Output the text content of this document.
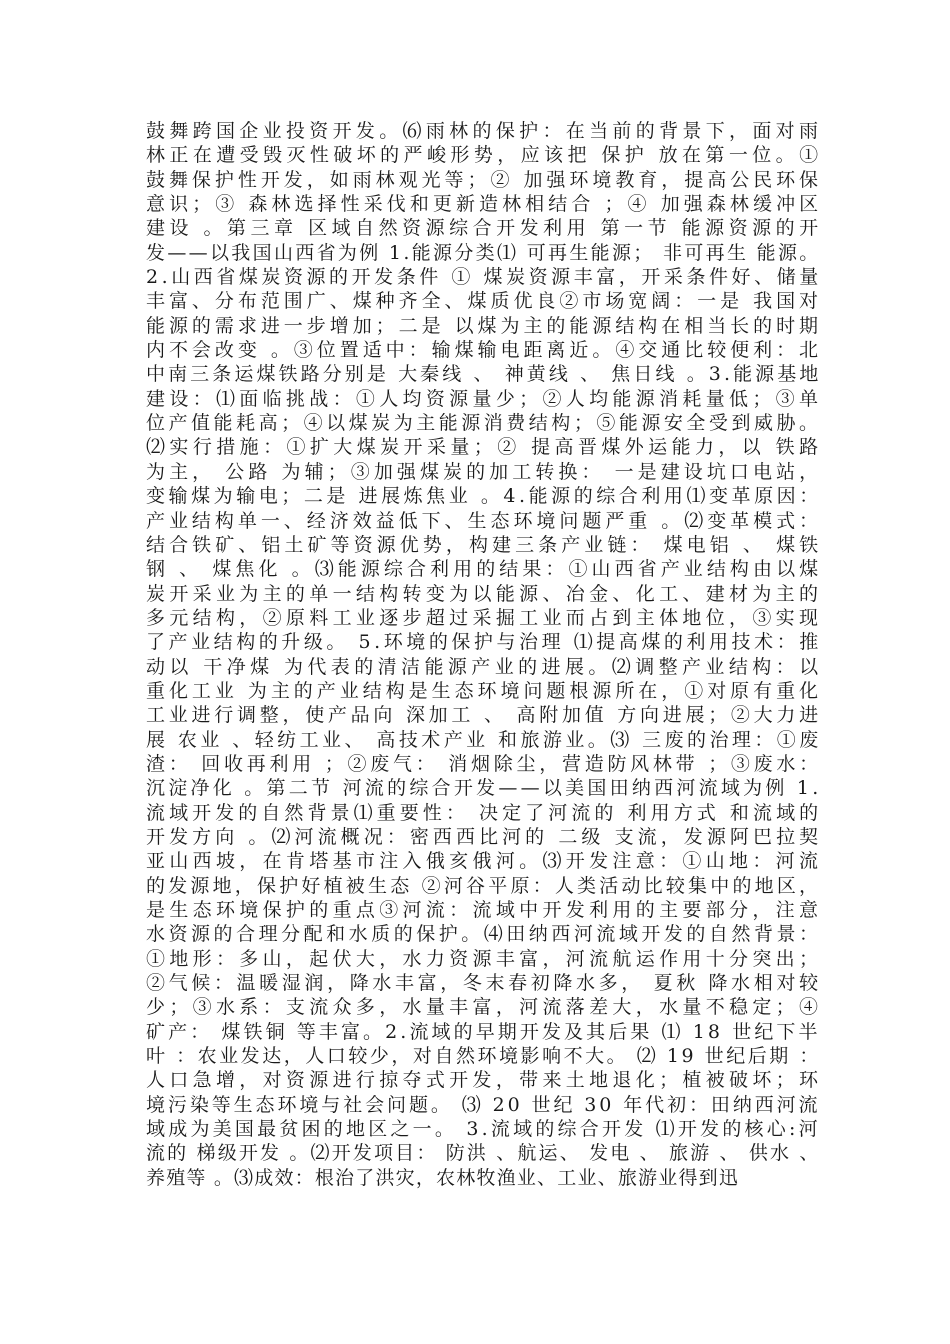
鼓舞跨国企业投资开发。⑹雨林的保护：在当前的背景下，面对雨
林正在遭受毁灭性破坏的严峻形势，应该把 保护 放在第一位。①
鼓舞保护性开发，如雨林观光等；② 加强环境教育，提高公民环保
意识；③ 森林选择性采伐和更新造林相结合 ；④ 加强森林缓冲区
建设 。第三章 区域自然资源综合开发利用 第一节 能源资源的开
发——以我国山西省为例 1.能源分类⑴ 可再生能源； 非可再生 能源。
2.山西省煤炭资源的开发条件 ① 煤炭资源丰富，开采条件好、储量
丰富、分布范围广、煤种齐全、煤质优良②市场宽阔：一是 我国对
能源的需求进一步增加；二是 以煤为主的能源结构在相当长的时期
内不会改变 。③位置适中：输煤输电距离近。④交通比较便利：北
中南三条运煤铁路分别是 大秦线 、 神黄线 、 焦日线 。3.能源基地
建设：⑴面临挑战：①人均资源量少；②人均能源消耗量低；③单
位产值能耗高；④以煤炭为主能源消费结构；⑤能源安全受到威胁。
⑵实行措施：①扩大煤炭开采量；② 提高晋煤外运能力，以 铁路
为主， 公路 为辅；③加强煤炭的加工转换： 一是建设坑口电站，
变输煤为输电；二是 进展炼焦业 。4.能源的综合利用⑴变革原因：
产业结构单一、经济效益低下、生态环境问题严重 。⑵变革模式：
结合铁矿、铝土矿等资源优势，构建三条产业链： 煤电铝 、 煤铁
钢 、 煤焦化 。⑶能源综合利用的结果：①山西省产业结构由以煤
炭开采业为主的单一结构转变为以能源、冶金、化工、建材为主的
多元结构，②原料工业逐步超过采掘工业而占到主体地位，③实现
了产业结构的升级。 5.环境的保护与治理 ⑴提高煤的利用技术：推
动以 干净煤 为代表的清洁能源产业的进展。⑵调整产业结构：以
重化工业 为主的产业结构是生态环境问题根源所在，①对原有重化
工业进行调整，使产品向 深加工 、 高附加值 方向进展；②大力进
展 农业 、轻纺工业、 高技术产业 和旅游业。⑶ 三废的治理：①废
渣： 回收再利用 ；②废气： 消烟除尘，营造防风林带 ；③废水：
沉淀净化 。第二节 河流的综合开发——以美国田纳西河流域为例 1.
流域开发的自然背景⑴重要性： 决定了河流的 利用方式 和流域的
开发方向 。⑵河流概况：密西西比河的 二级 支流，发源阿巴拉契
亚山西坡，在肯塔基市注入俄亥俄河。⑶开发注意：①山地：河流
的发源地，保护好植被生态 ②河谷平原：人类活动比较集中的地区，
是生态环境保护的重点③河流：流域中开发利用的主要部分，注意
水资源的合理分配和水质的保护。⑷田纳西河流域开发的自然背景：
①地形：多山，起伏大，水力资源丰富，河流航运作用十分突出；
②气候：温暖湿润，降水丰富，冬末春初降水多， 夏秋 降水相对较
少；③水系：支流众多，水量丰富，河流落差大，水量不稳定；④
矿产： 煤铁铜 等丰富。2.流域的早期开发及其后果 ⑴ 18 世纪下半
叶 ：农业发达，人口较少，对自然环境影响不大。 ⑵ 19 世纪后期 ：
人口急增，对资源进行掠夺式开发，带来土地退化；植被破坏；环
境污染等生态环境与社会问题。 ⑶ 20 世纪 30 年代初：田纳西河流
域成为美国最贫困的地区之一。 3.流域的综合开发 ⑴开发的核心:河
流的 梯级开发 。⑵开发项目： 防洪 、航运、 发电 、 旅游 、 供水 、
养殖等 。⑶成效：根治了洪灾，农林牧渔业、工业、旅游业得到迅
